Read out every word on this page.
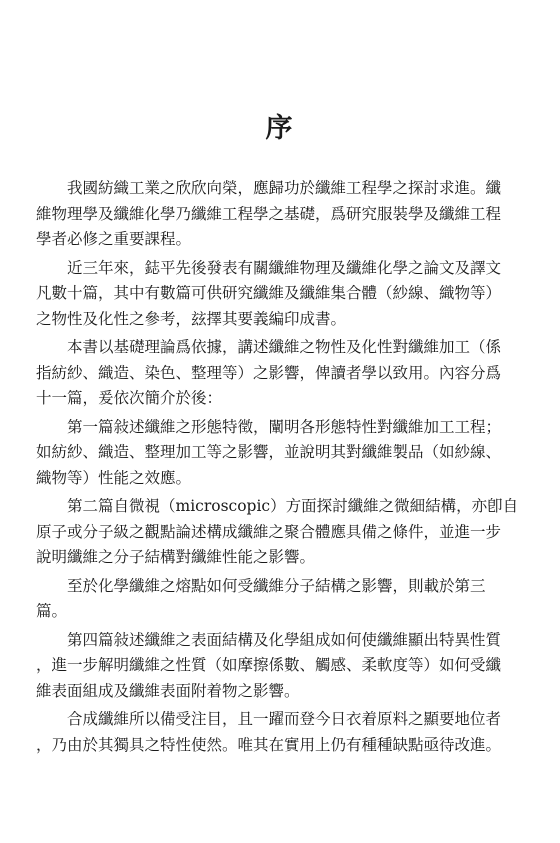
序

我國紡織工業之欣欣向榮，應歸功於纖維工程學之探討求進。纖
維物理學及纖維化學乃纖維工程學之基礎，爲研究服裝學及纖維工程
學者必修之重要課程。

近三年來，鋕平先後發表有關纖維物理及纖維化學之論文及譯文
凡數十篇，其中有數篇可供研究纖維及纖維集合體（紗線、織物等）
之物性及化性之參考，玆擇其要義編印成書。

本書以基礎理論爲依據，講述纖維之物性及化性對纖維加工（係
指紡紗、織造、染色、整理等）之影響，俾讀者學以致用。內容分爲
十一篇，爰依次簡介於後：

第一篇敍述纖維之形態特徵，闡明各形態特性對纖維加工工程；
如紡紗、織造、整理加工等之影響，並說明其對纖維製品（如紗線、
織物等）性能之效應。

第二篇自微視（microscopic）方面探討纖維之微細結構，亦卽自
原子或分子級之觀點論述構成纖維之聚合體應具備之條件，並進一步
說明纖維之分子結構對纖維性能之影響。

至於化學纖維之熔點如何受纖維分子結構之影響，則載於第三
篇。

第四篇敍述纖維之表面結構及化學組成如何使纖維顯出特異性質
，進一步解明纖維之性質（如摩擦係數、觸感、柔軟度等）如何受纖
維表面組成及纖維表面附着物之影響。

合成纖維所以備受注目，且一躍而登今日衣着原料之顯要地位者
，乃由於其獨具之特性使然。唯其在實用上仍有種種缺點亟待改進。
